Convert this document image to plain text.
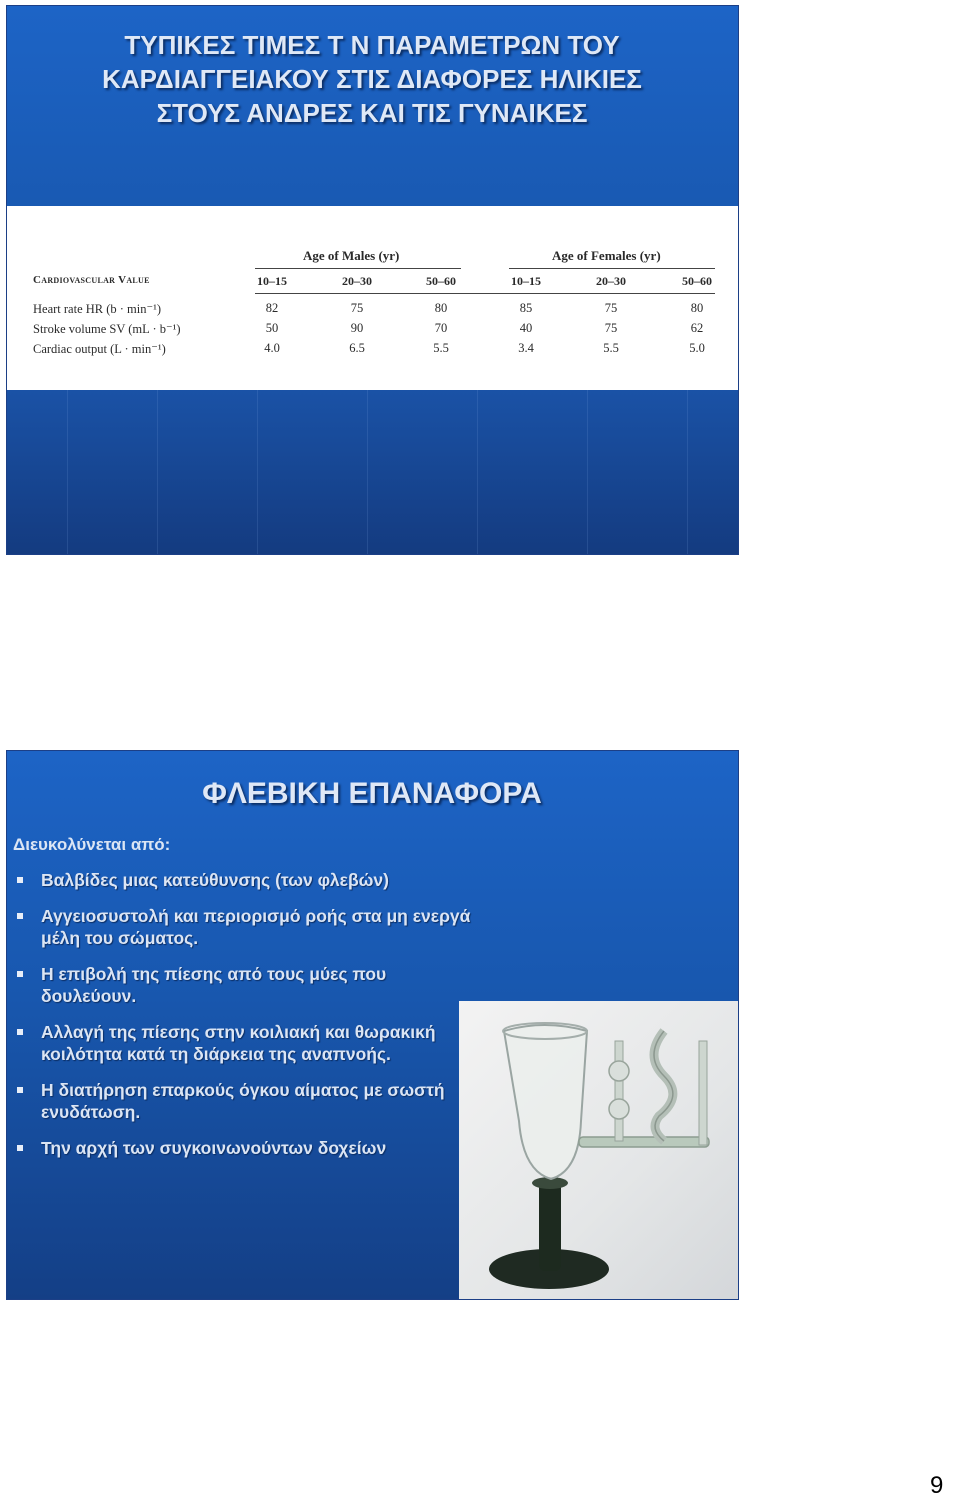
ΤΥΠΙΚΕΣ ΤΙΜΕΣ Τ Ν ΠΑΡΑΜΕΤΡΩΝ ΤΟΥ
ΚΑΡΔΙΑΓΓΕΙΑΚΟΥ ΣΤΙΣ ΔΙΑΦΟΡΕΣ ΗΛΙΚΙΕΣ
ΣΤΟΥΣ ΑΝΔΡΕΣ ΚΑΙ ΤΙΣ ΓΥΝΑΙΚΕΣ
Age of Males (yr)	Age of Females (yr)
Cardiovascular Value	10–15	20–30	50–60	10–15	20–30	50–60
Heart rate HR (b · min⁻¹)	82	75	80	85	75	80
Stroke volume SV (mL · b⁻¹)	50	90	70	40	75	62
Cardiac output (L · min⁻¹)	4.0	6.5	5.5	3.4	5.5	5.0
ΦΛΕΒΙΚΗ ΕΠΑΝΑΦΟΡΑ
Διευκολύνεται από:
Βαλβίδες μιας κατεύθυνσης (των φλεβών)
Αγγειοσυστολή και περιορισμό ροής στα μη ενεργά μέλη του σώματος.
Η επιβολή της πίεσης από τους μύες που δουλεύουν.
Αλλαγή της πίεσης στην κοιλιακή και θωρακική κοιλότητα κατά τη διάρκεια της αναπνοής.
Η διατήρηση επαρκούς όγκου αίματος με σωστή ενυδάτωση.
Την αρχή των συγκοινωνούντων δοχείων
9
